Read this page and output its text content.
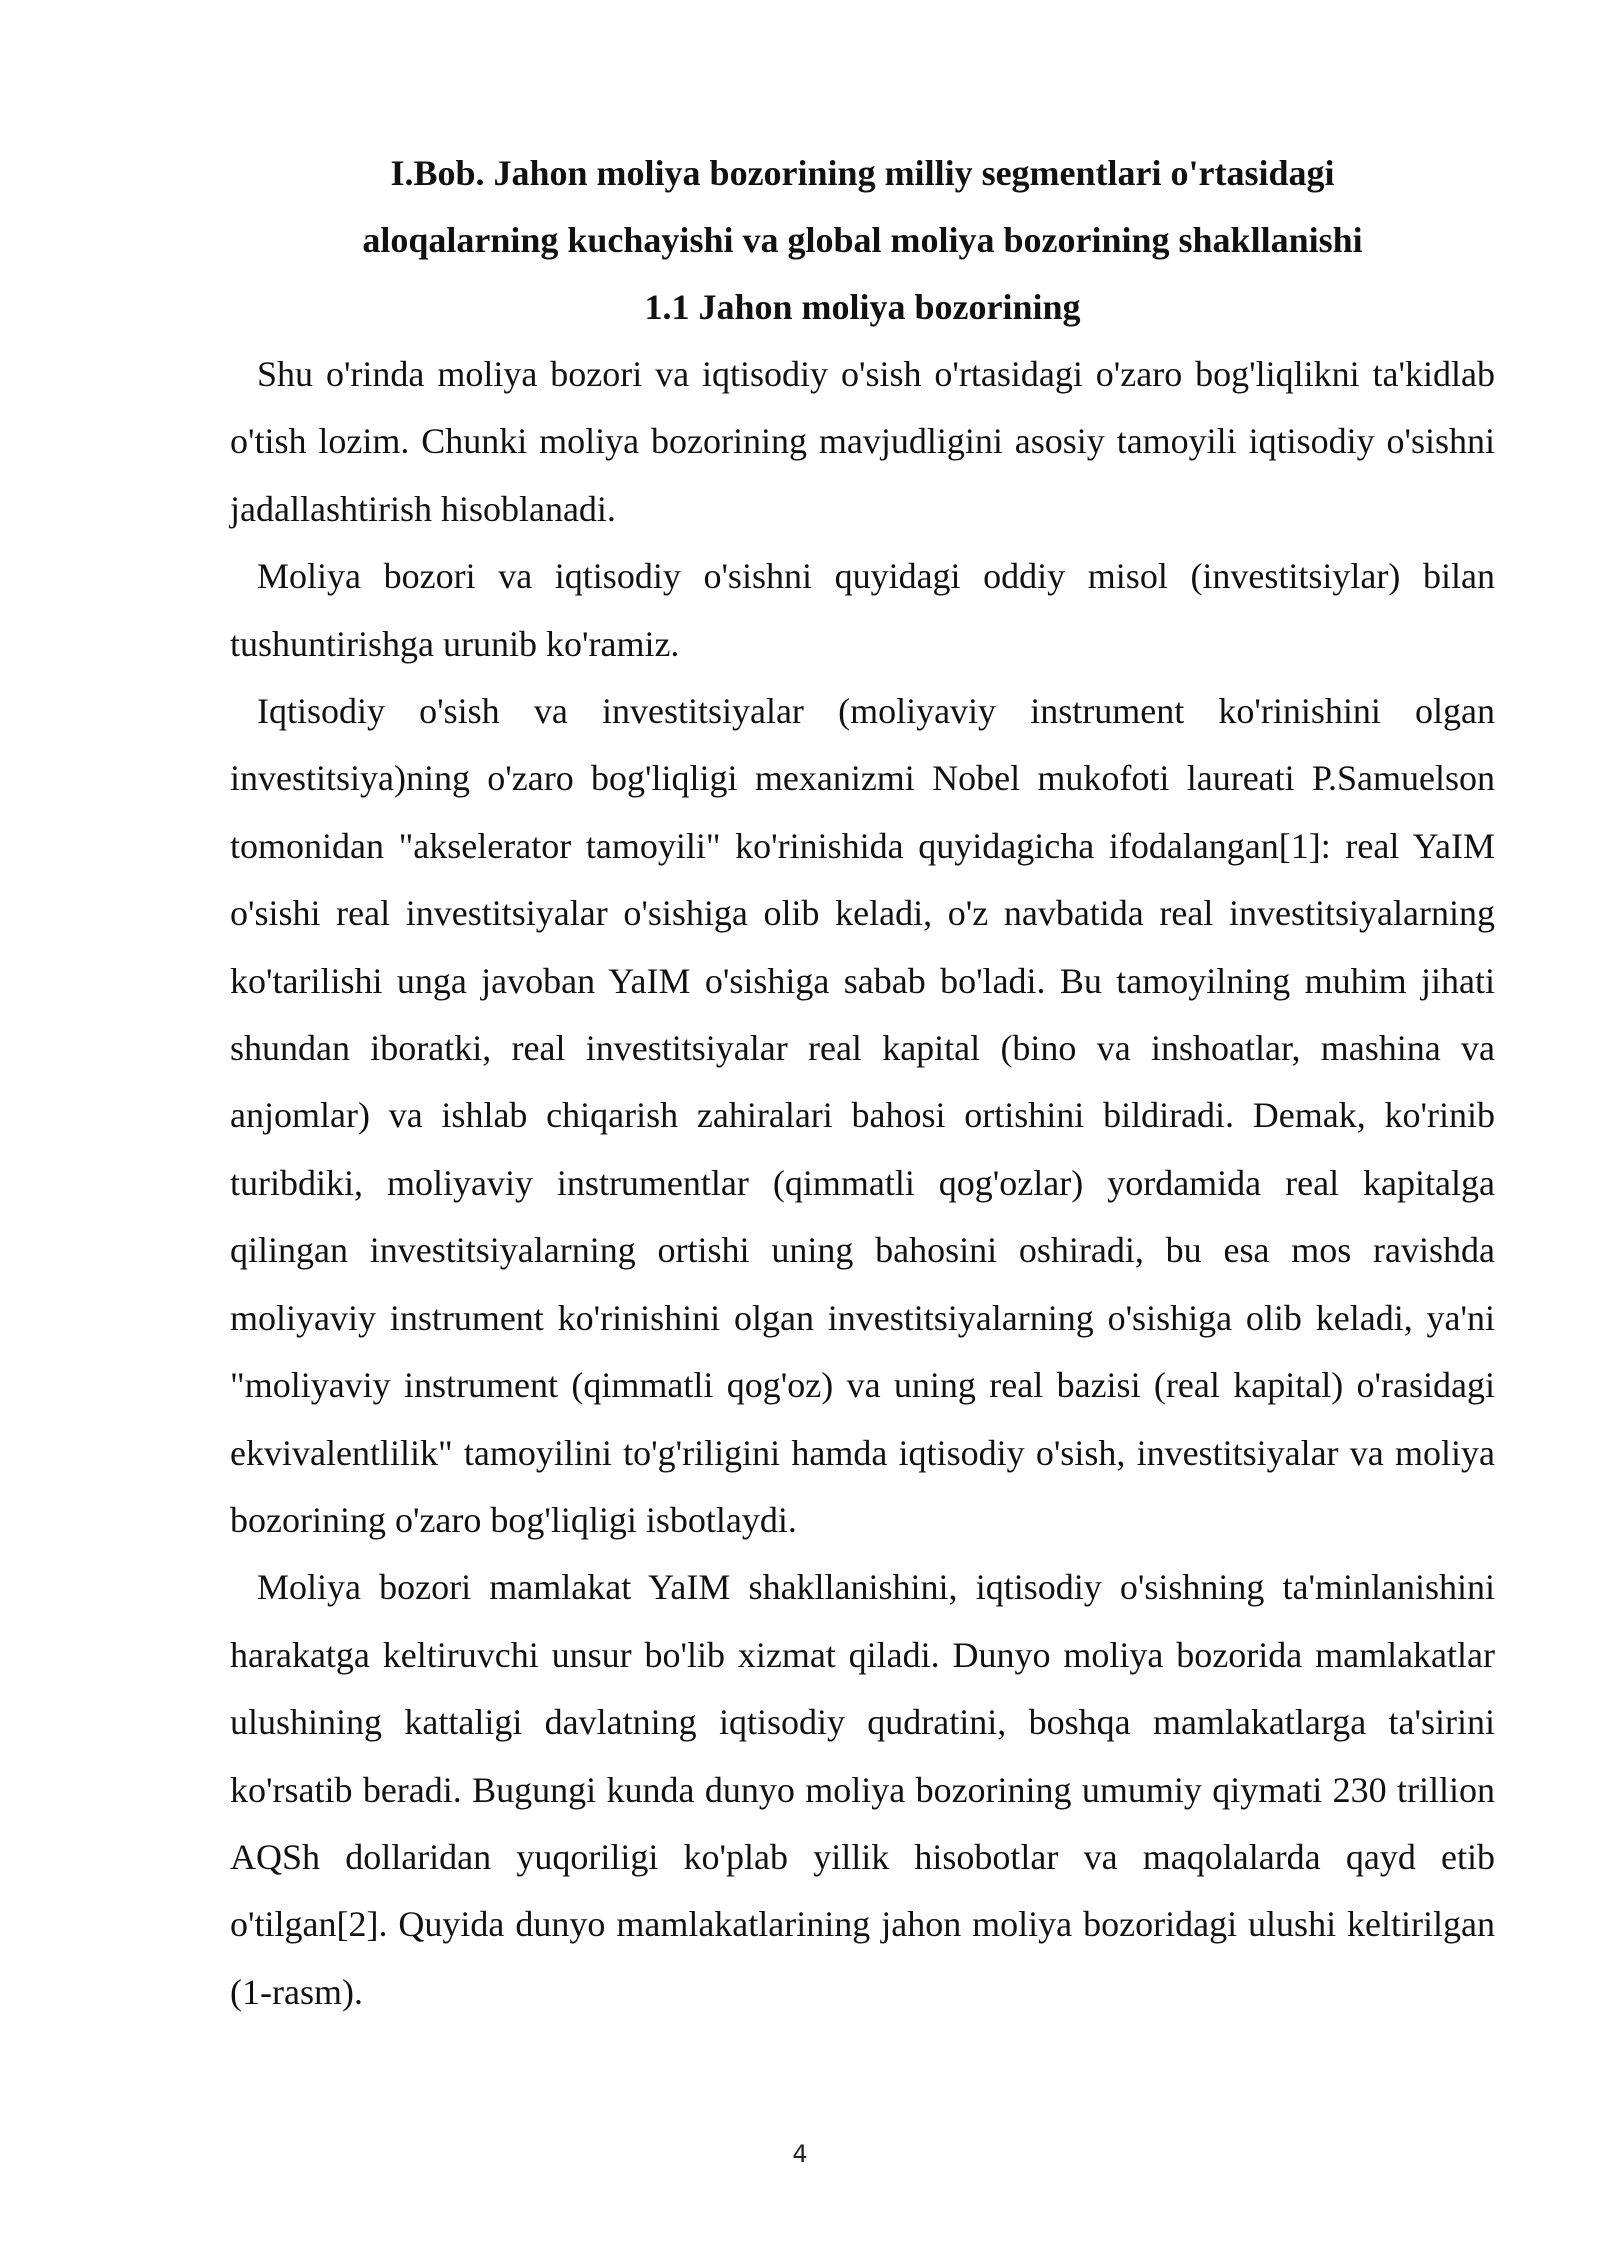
I.Bob. Jahon moliya bozorining milliy segmentlari o'rtasidagi

aloqalarning kuchayishi va global moliya bozorining shakllanishi

1.1 Jahon moliya bozorining

Shu o'rinda moliya bozori va iqtisodiy o'sish o'rtasidagi o'zaro bog'liqlikni ta'kidlab o'tish lozim. Chunki moliya bozorining mavjudligini asosiy tamoyili iqtisodiy o'sishni jadallashtirish hisoblanadi.

Moliya bozori va iqtisodiy o'sishni quyidagi oddiy misol (investitsiylar) bilan tushuntirishga urunib ko'ramiz.

Iqtisodiy o'sish va investitsiyalar (moliyaviy instrument ko'rinishini olgan investitsiya)ning o'zaro bog'liqligi mexanizmi Nobel mukofoti laureati P.Samuelson tomonidan "akselerator tamoyili" ko'rinishida quyidagicha ifodalangan[1]: real YaIM o'sishi real investitsiyalar o'sishiga olib keladi, o'z navbatida real investitsiyalarning ko'tarilishi unga javoban YaIM o'sishiga sabab bo'ladi. Bu tamoyilning muhim jihati shundan iboratki, real investitsiyalar real kapital (bino va inshoatlar, mashina va anjomlar) va ishlab chiqarish zahiralari bahosi ortishini bildiradi. Demak, ko'rinib turibdiki, moliyaviy instrumentlar (qimmatli qog'ozlar) yordamida real kapitalga qilingan investitsiyalarning ortishi uning bahosini oshiradi, bu esa mos ravishda moliyaviy instrument ko'rinishini olgan investitsiyalarning o'sishiga olib keladi, ya'ni "moliyaviy instrument (qimmatli qog'oz) va uning real bazisi (real kapital) o'rasidagi ekvivalentlilik" tamoyilini to'g'riligini hamda iqtisodiy o'sish, investitsiyalar va moliya bozorining o'zaro bog'liqligi isbotlaydi.

Moliya bozori mamlakat YaIM shakllanishini, iqtisodiy o'sishning ta'minlanishini harakatga keltiruvchi unsur bo'lib xizmat qiladi. Dunyo moliya bozorida mamlakatlar ulushining kattaligi davlatning iqtisodiy qudratini, boshqa mamlakatlarga ta'sirini ko'rsatib beradi. Bugungi kunda dunyo moliya bozorining umumiy qiymati 230 trillion AQSh dollaridan yuqoriligi ko'plab yillik hisobotlar va maqolalarda qayd etib o'tilgan[2]. Quyida dunyo mamlakatlarining jahon moliya bozoridagi ulushi keltirilgan (1-rasm).

4
